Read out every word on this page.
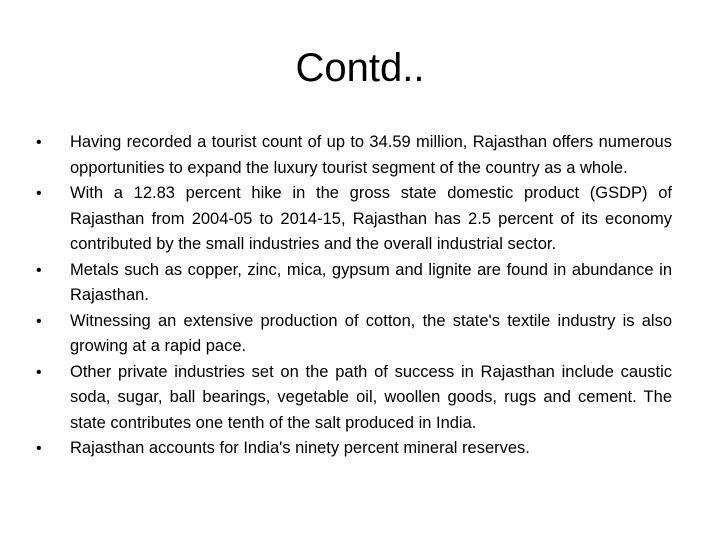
Contd..
•	Having recorded a tourist count of up to 34.59 million, Rajasthan offers numerous opportunities to expand the luxury tourist segment of the country as a whole.
•	With a 12.83 percent hike in the gross state domestic product (GSDP) of Rajasthan from 2004-05 to 2014-15, Rajasthan has 2.5 percent of its economy contributed by the small industries and the overall industrial sector.
•	Metals such as copper, zinc, mica, gypsum and lignite are found in abundance in Rajasthan.
•	Witnessing an extensive production of cotton, the state's textile industry is also growing at a rapid pace.
•	Other private industries set on the path of success in Rajasthan include caustic soda, sugar, ball bearings, vegetable oil, woollen goods, rugs and cement. The state contributes one tenth of the salt produced in India.
•	Rajasthan accounts for India's ninety percent mineral reserves.
